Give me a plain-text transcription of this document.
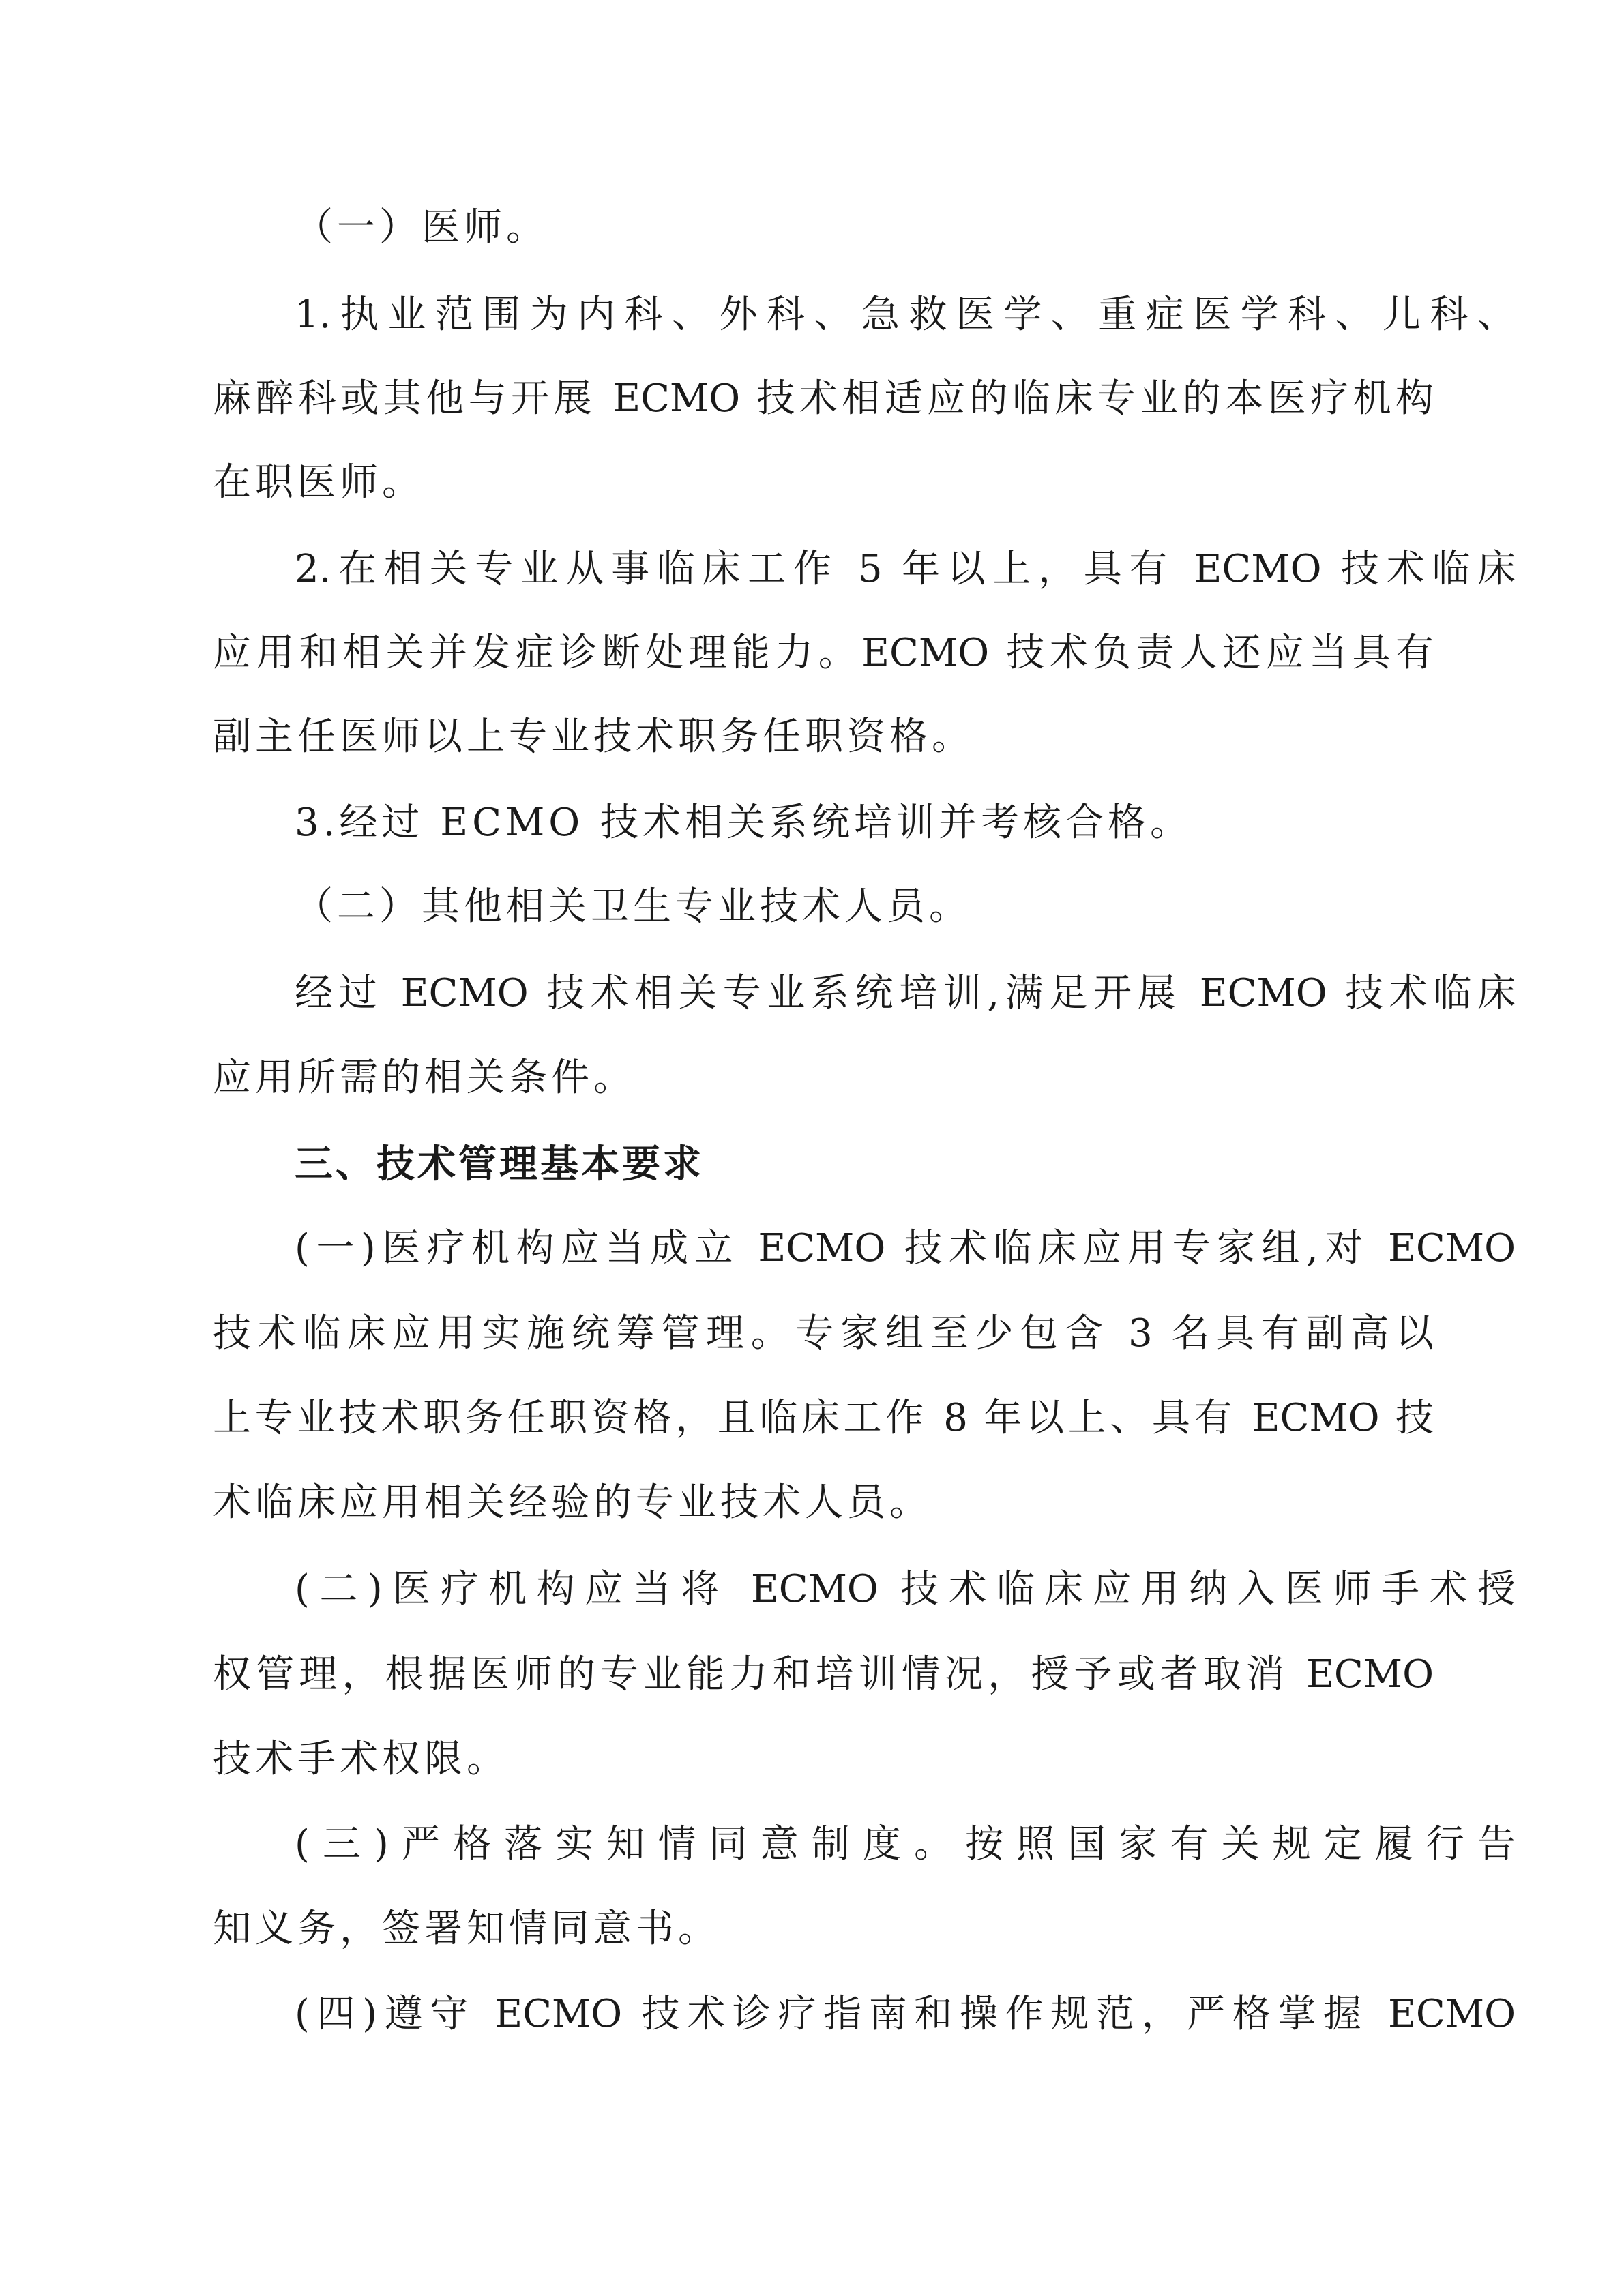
（一）医师。

1.执业范围为内科、外科、急救医学、重症医学科、儿科、

麻醉科或其他与开展 ECMO 技术相适应的临床专业的本医疗机构

在职医师。

2.在相关专业从事临床工作 5 年以上，具有 ECMO 技术临床

应用和相关并发症诊断处理能力。ECMO 技术负责人还应当具有

副主任医师以上专业技术职务任职资格。

3.经过 ECMO 技术相关系统培训并考核合格。

（二）其他相关卫生专业技术人员。

经过 ECMO 技术相关专业系统培训,满足开展 ECMO 技术临床

应用所需的相关条件。

三、技术管理基本要求

(一)医疗机构应当成立 ECMO 技术临床应用专家组,对 ECMO

技术临床应用实施统筹管理。专家组至少包含 3 名具有副高以

上专业技术职务任职资格，且临床工作 8 年以上、具有 ECMO 技

术临床应用相关经验的专业技术人员。

(二)医疗机构应当将 ECMO 技术临床应用纳入医师手术授

权管理，根据医师的专业能力和培训情况，授予或者取消 ECMO

技术手术权限。

(三)严格落实知情同意制度。按照国家有关规定履行告

知义务，签署知情同意书。

(四)遵守 ECMO 技术诊疗指南和操作规范，严格掌握 ECMO
